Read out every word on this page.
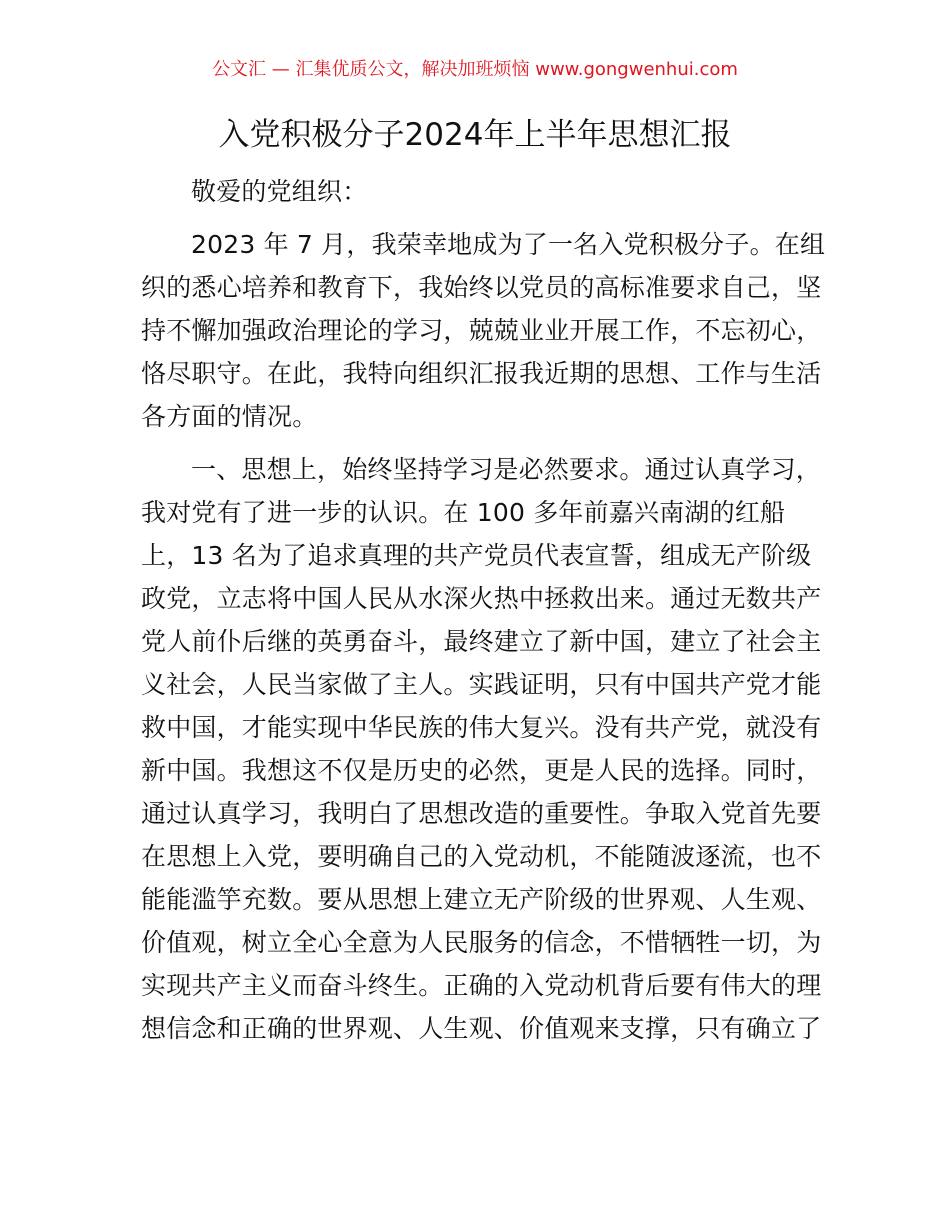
公文汇 — 汇集优质公文，解决加班烦恼 www.gongwenhui.com
入党积极分子2024年上半年思想汇报
敬爱的党组织：
2023 年 7 月，我荣幸地成为了一名入党积极分子。在组
织的悉心培养和教育下，我始终以党员的高标准要求自己，坚
持不懈加强政治理论的学习，兢兢业业开展工作，不忘初心，
恪尽职守。在此，我特向组织汇报我近期的思想、工作与生活
各方面的情况。
一、思想上，始终坚持学习是必然要求。通过认真学习，
我对党有了进一步的认识。在 100 多年前嘉兴南湖的红船
上，13 名为了追求真理的共产党员代表宣誓，组成无产阶级
政党，立志将中国人民从水深火热中拯救出来。通过无数共产
党人前仆后继的英勇奋斗，最终建立了新中国，建立了社会主
义社会，人民当家做了主人。实践证明，只有中国共产党才能
救中国，才能实现中华民族的伟大复兴。没有共产党，就没有
新中国。我想这不仅是历史的必然，更是人民的选择。同时，
通过认真学习，我明白了思想改造的重要性。争取入党首先要
在思想上入党，要明确自己的入党动机，不能随波逐流，也不
能能滥竽充数。要从思想上建立无产阶级的世界观、人生观、
价值观，树立全心全意为人民服务的信念，不惜牺牲一切，为
实现共产主义而奋斗终生。正确的入党动机背后要有伟大的理
想信念和正确的世界观、人生观、价值观来支撑，只有确立了
